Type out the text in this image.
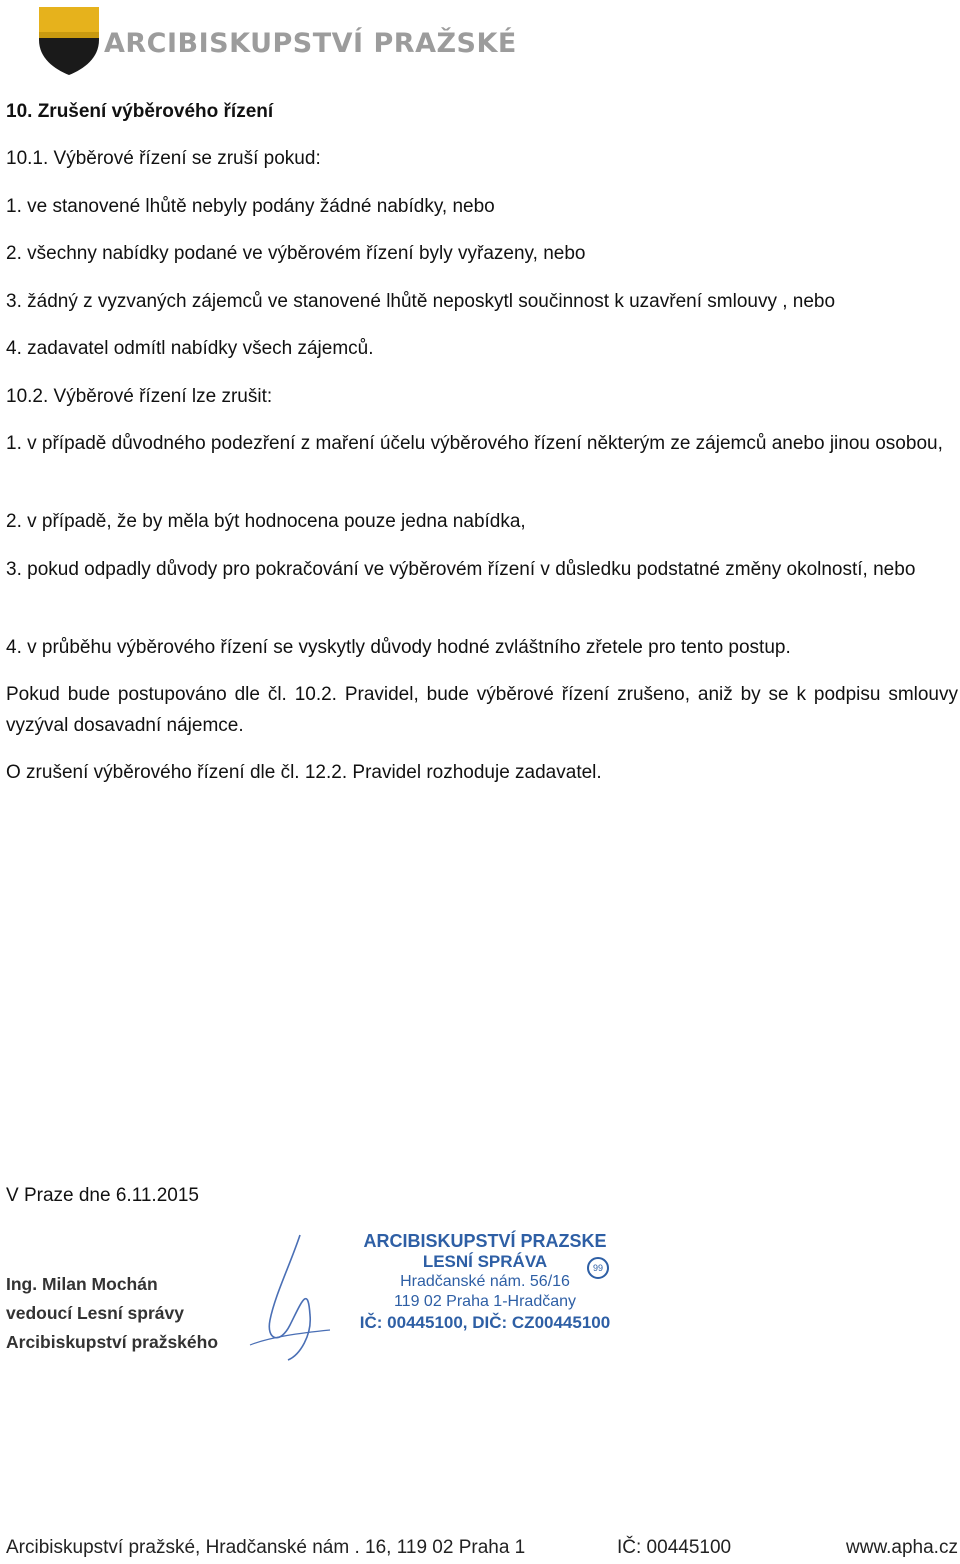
ARCIBISKUPSTVÍ PRAŽSKÉ

10. Zrušení výběrového řízení

10.1. Výběrové řízení se zruší pokud:

1. ve stanovené lhůtě nebyly podány žádné nabídky, nebo

2. všechny nabídky podané ve výběrovém řízení byly vyřazeny, nebo

3. žádný z vyzvaných zájemců ve stanovené lhůtě neposkytl součinnost k uzavření smlouvy , nebo

4. zadavatel odmítl nabídky všech zájemců.

10.2. Výběrové řízení lze zrušit:

1. v případě důvodného podezření z maření účelu výběrového řízení některým ze zájemců anebo jinou osobou,

2. v případě, že by měla být hodnocena pouze jedna nabídka,

3. pokud odpadly důvody pro pokračování ve výběrovém řízení v důsledku podstatné změny okolností, nebo

4. v průběhu výběrového řízení se vyskytly důvody hodné zvláštního zřetele pro tento postup.

Pokud bude postupováno dle čl. 10.2. Pravidel, bude výběrové řízení zrušeno, aniž by se k podpisu smlouvy vyzýval dosavadní nájemce.

O zrušení výběrového řízení dle čl. 12.2. Pravidel rozhoduje zadavatel.

V Praze dne 6.11.2015
Ing. Milan Mochán
vedoucí Lesní správy
Arcibiskupství pražského
ARCIBISKUPSTVÍ PRAZSKE
LESNÍ SPRÁVA
Hradčanské nám. 56/16
119 02 Praha 1-Hradčany
IČ: 00445100, DIČ: CZ00445100
99
Arcibiskupství pražské, Hradčanské nám . 16, 119 02 Praha 1	IČ: 00445100	www.apha.cz
